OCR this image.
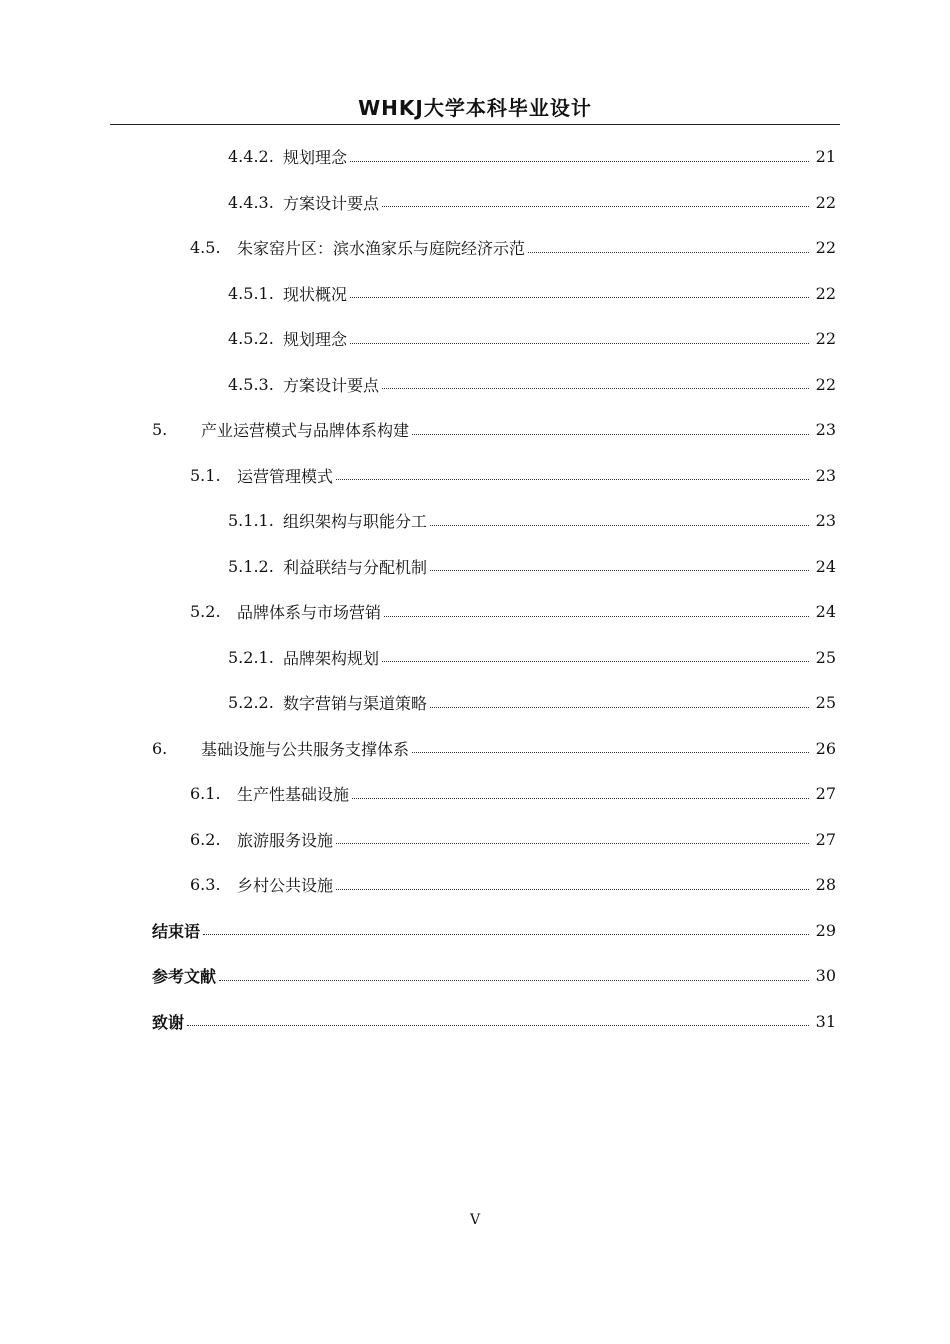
WHKJ大学本科毕业设计
4.4.2. 规划理念	21
4.4.3. 方案设计要点	22
4.5.	朱家窑片区：滨水渔家乐与庭院经济示范	22
4.5.1. 现状概况	22
4.5.2. 规划理念	22
4.5.3. 方案设计要点	22
5.	产业运营模式与品牌体系构建	23
5.1.	运营管理模式	23
5.1.1. 组织架构与职能分工	23
5.1.2. 利益联结与分配机制	24
5.2.	品牌体系与市场营销	24
5.2.1. 品牌架构规划	25
5.2.2. 数字营销与渠道策略	25
6.	基础设施与公共服务支撑体系	26
6.1.	生产性基础设施	27
6.2.	旅游服务设施	27
6.3.	乡村公共设施	28
结束语	29
参考文献	30
致谢	31
V
